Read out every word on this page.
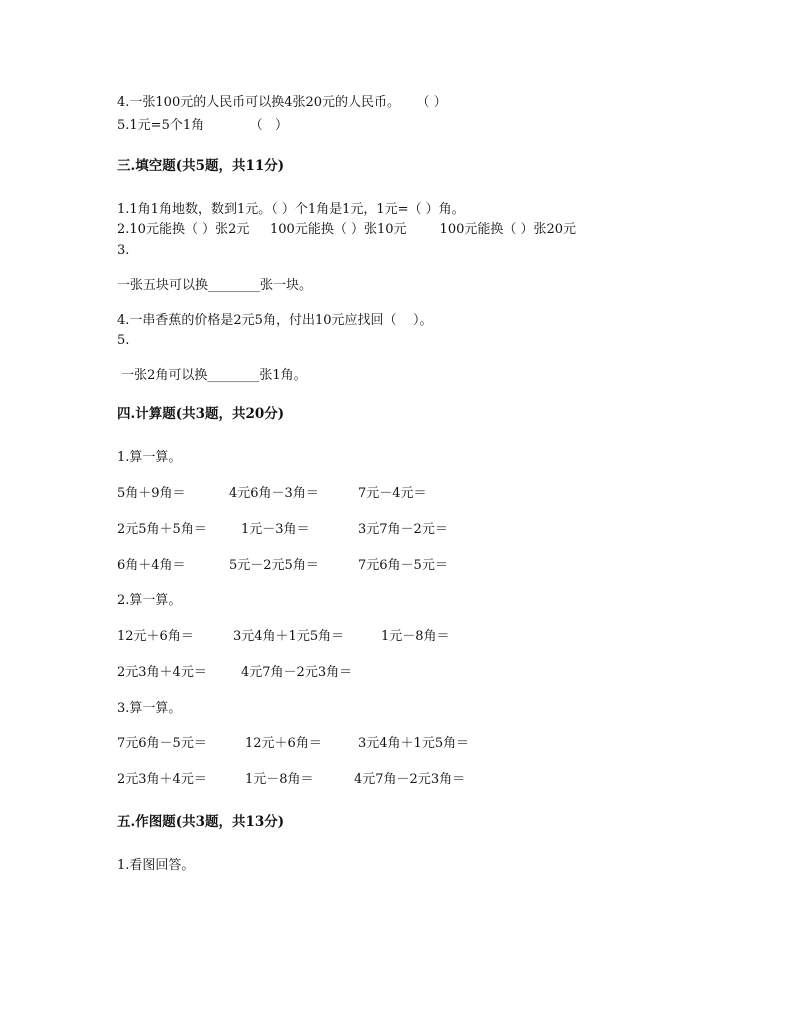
4.一张100元的人民币可以换4张20元的人民币。    （ ）
5.1元=5个1角           （   ）
三.填空题(共5题，共11分)
1.1角1角地数，数到1元。（ ）个1角是1元，1元=（ ）角。
2.10元能换（ ）张2元     100元能换（ ）张10元        100元能换（ ）张20元
3.
一张五块可以换________张一块。
4.一串香蕉的价格是2元5角，付出10元应找回（    ）。
5.
一张2角可以换________张1角。
四.计算题(共3题，共20分)
1.算一算。
5角＋9角＝	4元6角－3角＝	7元－4元＝
2元5角＋5角＝	1元－3角＝	3元7角－2元＝
6角＋4角＝	5元－2元5角＝	7元6角－5元＝
2.算一算。
12元＋6角＝	3元4角＋1元5角＝	1元－8角＝
2元3角＋4元＝	4元7角－2元3角＝
3.算一算。
7元6角－5元＝	12元＋6角＝	3元4角＋1元5角＝
2元3角＋4元＝	1元－8角＝	4元7角－2元3角＝
五.作图题(共3题，共13分)
1.看图回答。
